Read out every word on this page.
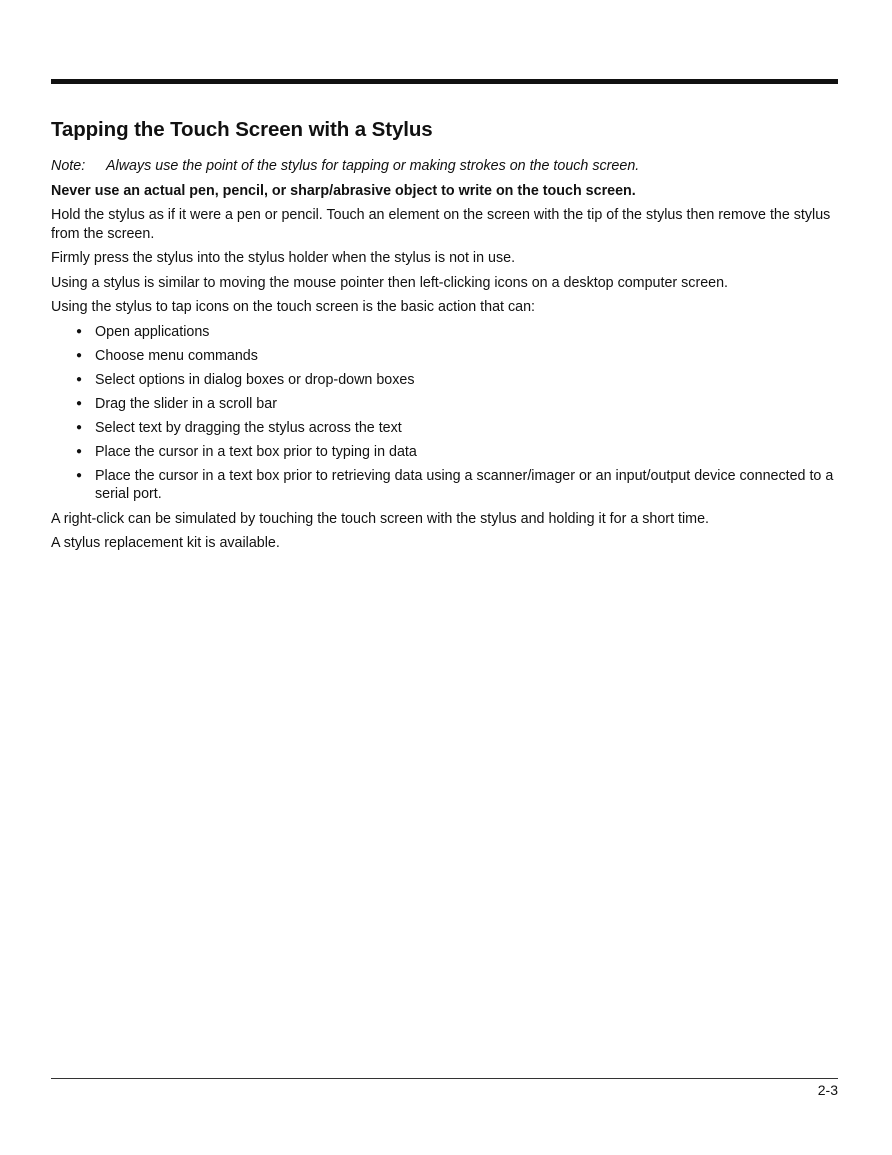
Tapping the Touch Screen with a Stylus
Note:	Always use the point of the stylus for tapping or making strokes on the touch screen.
Never use an actual pen, pencil, or sharp/abrasive object to write on the touch screen.
Hold the stylus as if it were a pen or pencil. Touch an element on the screen with the tip of the stylus then remove the stylus from the screen.
Firmly press the stylus into the stylus holder when the stylus is not in use.
Using a stylus is similar to moving the mouse pointer then left-clicking icons on a desktop computer screen.
Using the stylus to tap icons on the touch screen is the basic action that can:
● Open applications
● Choose menu commands
● Select options in dialog boxes or drop-down boxes
● Drag the slider in a scroll bar
● Select text by dragging the stylus across the text
● Place the cursor in a text box prior to typing in data
● Place the cursor in a text box prior to retrieving data using a scanner/imager or an input/output device connected to a serial port.
A right-click can be simulated by touching the touch screen with the stylus and holding it for a short time.
A stylus replacement kit is available.
2-3
